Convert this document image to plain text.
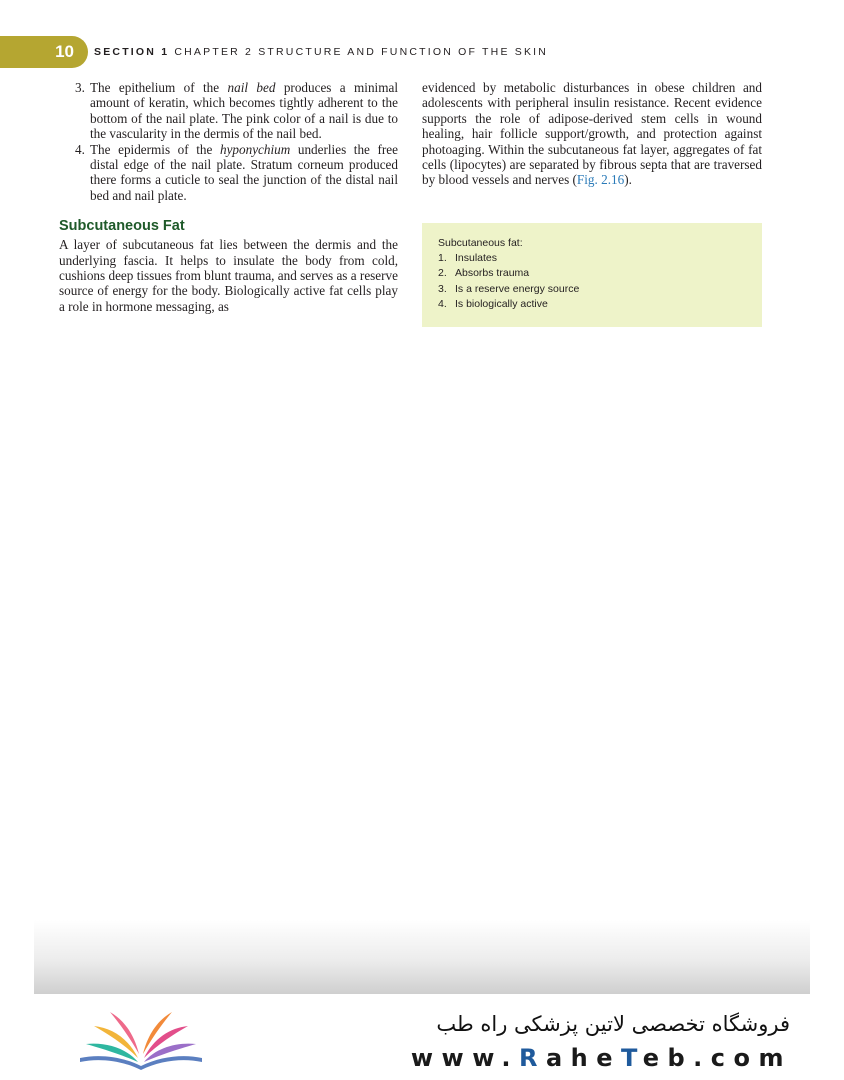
10	SECTION 1 CHAPTER 2 STRUCTURE AND FUNCTION OF THE SKIN
3. The epithelium of the nail bed produces a minimal amount of keratin, which becomes tightly adherent to the bottom of the nail plate. The pink color of a nail is due to the vascularity in the dermis of the nail bed.
4. The epidermis of the hyponychium underlies the free distal edge of the nail plate. Stratum corneum produced there forms a cuticle to seal the junction of the distal nail bed and nail plate.
Subcutaneous Fat

A layer of subcutaneous fat lies between the dermis and the underlying fascia. It helps to insulate the body from cold, cushions deep tissues from blunt trauma, and serves as a reserve source of energy for the body. Biologically active fat cells play a role in hormone messaging, as

evidenced by metabolic disturbances in obese children and adolescents with peripheral insulin resistance. Recent evidence supports the role of adipose-derived stem cells in wound healing, hair follicle support/growth, and protection against photoaging. Within the subcutaneous fat layer, aggregates of fat cells (lipocytes) are separated by fibrous septa that are traversed by blood vessels and nerves (Fig. 2.16).

Subcutaneous fat:
1. Insulates
2. Absorbs trauma
3. Is a reserve energy source
4. Is biologically active
فروشگاه تخصصی لاتین پزشکی راه طب
www.RaheTeb.com
